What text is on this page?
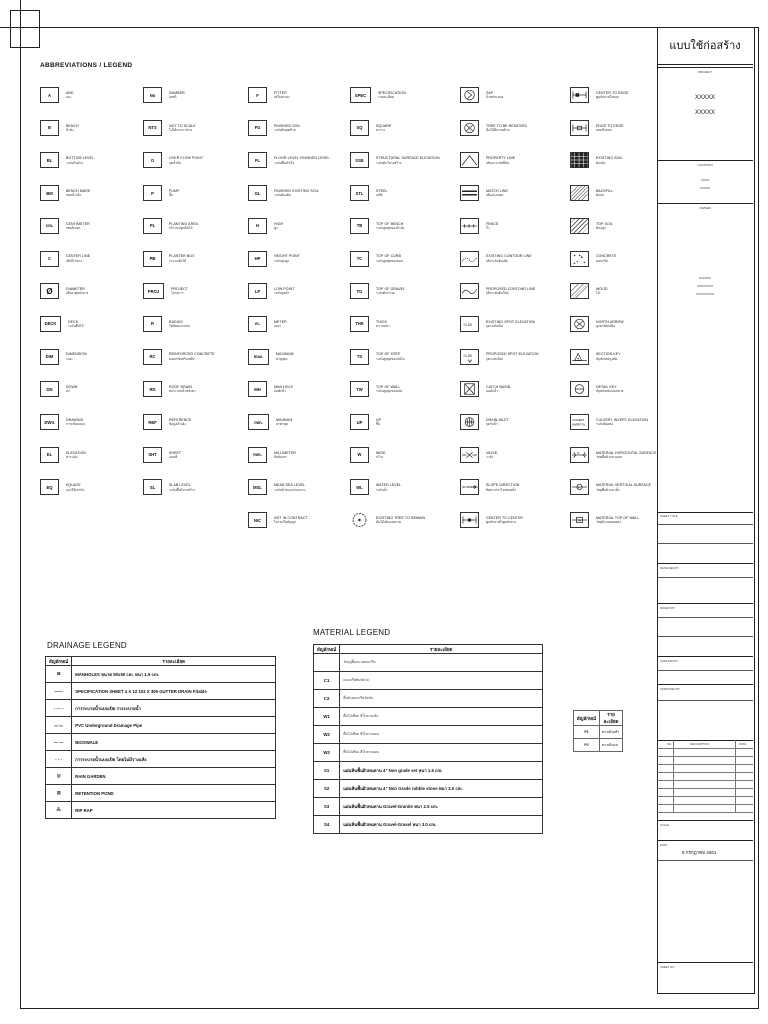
ABBREVIATIONS / LEGEND
A	AND
และ
B	BENCH
ม้านั่ง
BL	BOTTOM LEVEL
ระดับก้นล่าง
BM	BENCH MARK
หมุดอ้างอิง
cm.	CENTIMETER
เซนติเมตร
C	CENTER LINE
เส้นกึ่งกลาง
Ø	DIAMETER
เส้นผ่าศูนย์กลาง
DECK	DECK
ระดับพื้นไม้
DIM	DIMENSION
ระยะ
DN	DOWN
ลง
DWG	DRAWING
การเขียนแบบ
EL	ELEVATION
ค่าระดับ
EQ	EQUATE
แบ่งให้เท่ากัน
No	NUMBER
เลขที่
NTS	NOT TO SCALE
ไม่ได้มาตราส่วน
O	OVER FLOW POINT
จุดน้ำล้น
P	PUMP
ปั๊ม
PL	PLANTING AREA
บริเวณปลูกต้นไม้
PB	PLANTER BOX
กระบะต้นไม้
PROJ	PROJECT
โครงการ
R	RADIUS
รัศมีของวงกลม
RC	REINFORCED CONCRETE
คอนกรีตเสริมเหล็ก
RD	ROOF DRAIN
ท่อระบายน้ำหลังคา
REF	REFERENCE
ข้อมูลอ้างอิง
SHT	SHEET
แผ่นที่
SL	SLAB LEVEL
ระดับพื้นโครงสร้าง
F	FITTER
เครื่องกรอง
FG	FINISHED SOIL
ระดับดินสุดท้าย
FL	FLOOR LEVEL FINISHED LEVEL
ระดับพื้นสำเร็จ
GL	FINISHED EXISTING SOIL
ระดับดินเดิม
H	HIGH
สูง
HP	HEIGHT POINT
ระดับจุดสูง
LP	LOW POINT
ระดับจุดต่ำ
m.	METER
เมตร
max.	MAXIMUM
ค่าสูงสุด
MH	MAN HOLE
บ่อพักน้ำ
min.	MINIMUM
ค่าต่ำสุด
mm.	MILLIMETER
มิลลิเมตร
MSL	MEAN SEA LEVEL
ระดับน้ำทะเลปานกลาง
NIC	NOT IN CONTRACT
ไม่รวมในสัญญา
SPEC	SPECIFICATION
รายละเอียด
SQ	SQUARE
ตาราง
SSE	STRUCTURAL SURFACE ELEVATION
ระดับผิวโครงสร้าง
STL	STEEL
เหล็ก
TB	TOP OF BENCH
ระดับสูงสุดของม้านั่ง
TC	TOP OF CURB
ระดับสูงสุดของขอบ
TG	TOP OF GRAVEL
ระดับผิวกรวด
THK	THICK
ความหนา
TS	TOP OF STEP
ระดับสูงสุดของบันได
TW	TOP OF WALL
ระดับสูงสุดของผนัง
UP	UP
ขึ้น
W	WIDE
กว้าง
WL	WATER LEVEL
ระดับน้ำ
EXISTING TREE TO REMAIN
ต้นไม้เดิมคงสภาพ
ZAP
ย้ายตำแหน่ง
TREE TO BE REMOVED
ต้นไม้ที่จะขนย้าย
PROPERTY LINE
เส้นแนวเขตที่ดิน
MATCH LINE
เส้นแบ่งแผ่น
FENCE
รั้ว
EXISTING CONTOUR LINE
เส้นระดับดินเดิม
PROPOSED CONTOUR LINE
เส้นระดับดินใหม่
+1.00
EXISTING SPOT ELEVATION
จุดระดับเดิม
+1.00	PROPOSED SPOT ELEVATION
จุดระดับใหม่
CATCH BASIN
บ่อดักน้ำ
DRAIN INLET
จุดรับน้ำ
VALVE
วาล์ว
SLOPE 2%
SLOPE DIRECTION
ทิศทางการไหลของน้ำ
CENTER TO CENTER
ศูนย์กลางถึงศูนย์กลาง
CENTER TO EDGE
ศูนย์กลางถึงขอบ
EDGE TO EDGE
ขอบถึงขอบ
EXISTING SOIL
ดินเดิม
BACKFILL
ดินถม
TOP SOIL
ดินปลูก
CONCRETE
คอนกรีต
WOOD
ไม้
NORTH ARROW
ลูกศรทิศเหนือ
SECTION KEY
สัญลักษณ์รูปตัด
DETAIL KEY
สัญลักษณ์แบบขยาย
CULVERT
INVERT EL
CULVERT INVERT ELEVATION
ระดับท้องท่อ
H	MATERIAL HORIZONTAL SURFACE
วัสดุพื้นผิวแนวนอน
V
MATERIAL VERTICAL SURFACE
วัสดุพื้นผิวแนวตั้ง
TW
MATERIAL TOP OF WALL
วัสดุผิวบนของผนัง
DRAINAGE LEGEND
สัญลักษณ์	รายละเอียด
⊠	MANHOLES ขนาด 50x50 cm. หนา 1.5 cm.
——	SPECIFICATION SHEET 4 X 12 102 X 305 GUTTER DRAIN Fitable
- -·- -	การระบายน้ำแบบเปิด รางระบายน้ำ
═○═	PVC Underground Drainage Pipe
— —	BIOSWALE
- - -	การระบายน้ำแบบเปิด โดยไม่มีรางแห้ง
▨	RAIN GARDEN
▦	RETENTION POND
⁂	RIP RAP
MATERIAL LEGEND
สัญลักษณ์	รายละเอียด
	วัสดุปูพื้นถนนคอนกรีต
C1	คอนกรีตพิมพ์ลาย
C2	พื้นผิวคอนกรีตขัดมัน
W1	พื้นไม้เทียม สีน้ำตาลเข้ม
W2	พื้นไม้เทียม สีน้ำตาลอ่อน
W3	พื้นไม้เทียม สีน้ำตาลอ่อน
S1	แผ่นหินพื้นผิวทนทาน 4" Non grade set หนา 1.5 cm.
S2	แผ่นหินพื้นผิวทนทาน 4" Non Grade rubble stone หนา 2.0 cm.
S3	แผ่นหินพื้นผิวทนทาน Gravel-Granite หนา 2.5 cm.
S4	แผ่นหินพื้นผิวทนทาน Gravel-Gravel หนา 3.0 cm.
สัญลักษณ์	รายละเอียด
P1	ทางเดินเท้า
P2	ทางเดินรถ
แบบใช้ก่อสร้าง
PROJECT
XXXXX
XXXXX
LOCATION
XXXX
XXXXX
OWNER
XXXXXX
XXXXXXXX
XXXXXXXXX
SHEET TITLE
DESIGNED BY
DRAWN BY
CHECKED BY
APPROVED BY
NO.	DESCRIPTION	DATE
SCALE
DATE
8 กรกฎาคม 2561
SHEET NO.
